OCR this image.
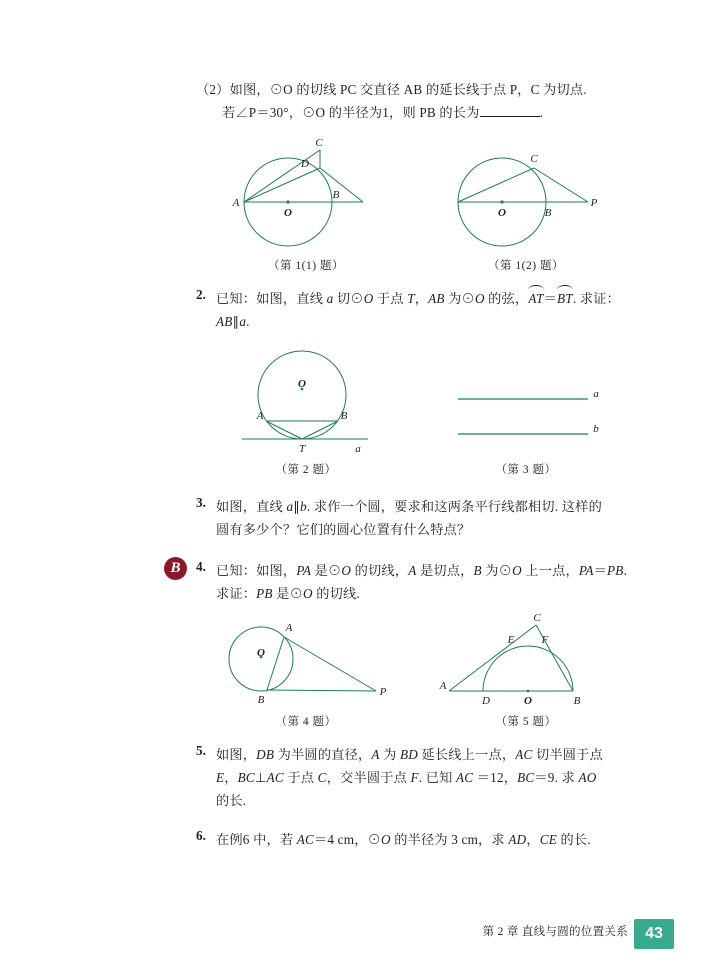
（2）如图，⊙O 的切线 PC 交直径 AB 的延长线于点 P，C 为切点.
若∠P＝30°，⊙O 的半径为1，则 PB 的长为	.
C
D
A
O
B
（第 1(1) 题）
C
O	B
P
（第 1(2) 题）
2. 已知：如图，直线 a 切⊙O 于点 T，AB 为⊙O 的弦，
AT＝
BT. 求证：
AB∥a.
O
A	B
T	a
（第 2 题）
a
b
（第 3 题）
3. 如图，直线 a∥b. 求作一个圆，要求和这两条平行线都相切. 这样的
圆有多少个？它们的圆心位置有什么特点？
B	4. 已知：如图，PA 是⊙O 的切线，A 是切点，B 为⊙O 上一点，PA＝PB.
求证：PB 是⊙O 的切线.
A
O
B
P
（第 4 题）
C
E F
A
D	O	B
（第 5 题）
5. 如图，DB 为半圆的直径，A 为 BD 延长线上一点，AC 切半圆于点
E，BC⊥AC 于点 C，交半圆于点 F. 已知 AC ＝12，BC＝9. 求 AO
的长.
6. 在例6 中，若 AC＝4 cm，⊙O 的半径为 3 cm，求 AD，CE 的长.
第 2 章 直线与圆的位置关系	43
